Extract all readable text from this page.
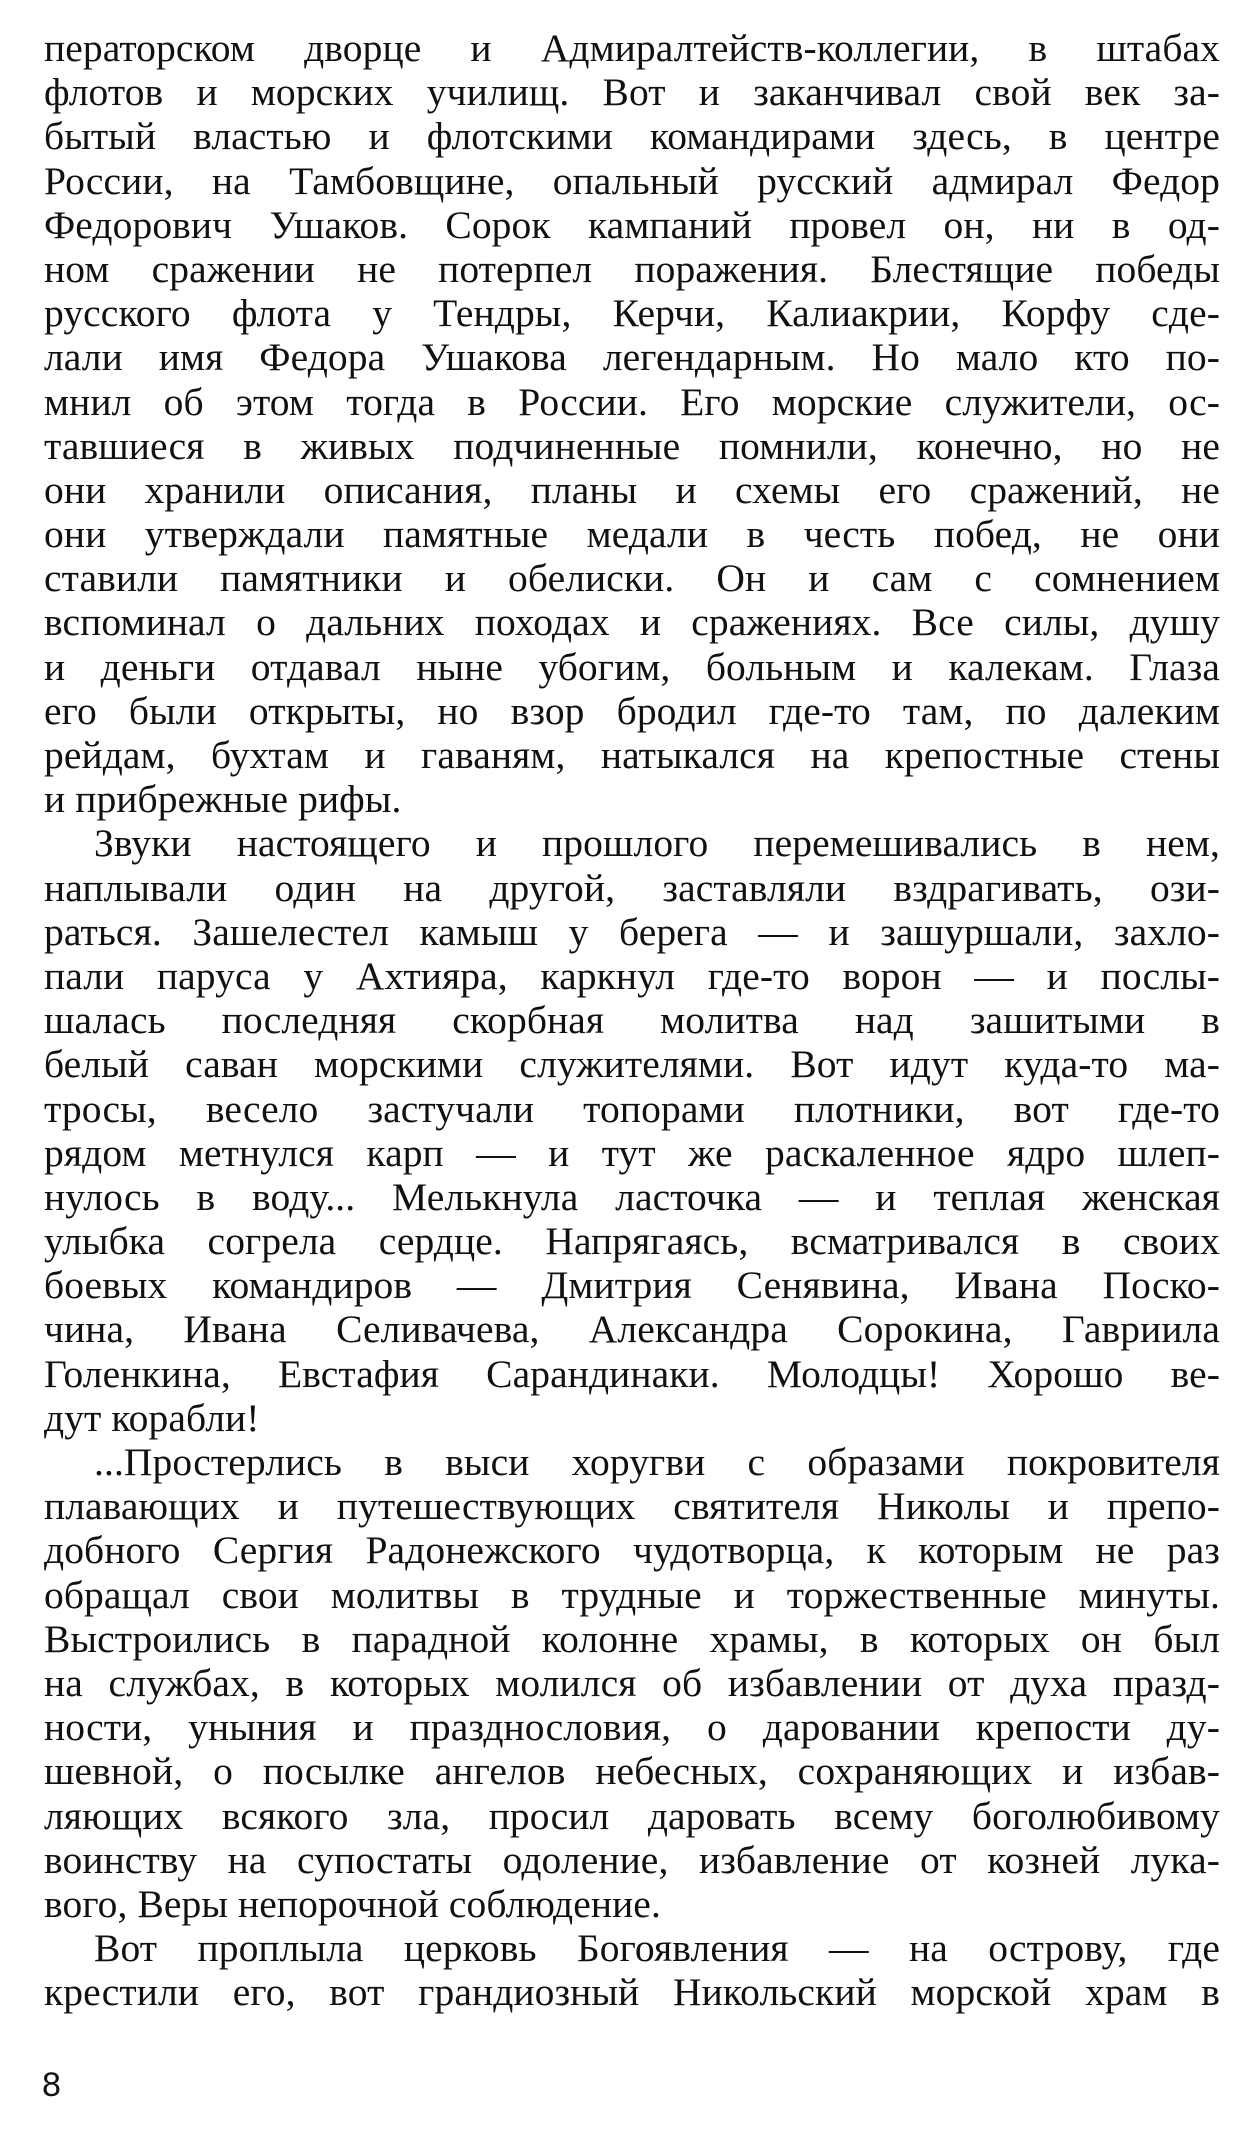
ператорском дворце и Адмиралтейств-коллегии, в штабах
флотов и морских училищ. Вот и заканчивал свой век за-
бытый властью и флотскими командирами здесь, в центре
России, на Тамбовщине, опальный русский адмирал Федор
Федорович Ушаков. Сорок кампаний провел он, ни в од-
ном сражении не потерпел поражения. Блестящие победы
русского флота у Тендры, Керчи, Калиакрии, Корфу сде-
лали имя Федора Ушакова легендарным. Но мало кто по-
мнил об этом тогда в России. Его морские служители, ос-
тавшиеся в живых подчиненные помнили, конечно, но не
они хранили описания, планы и схемы его сражений, не
они утверждали памятные медали в честь побед, не они
ставили памятники и обелиски. Он и сам с сомнением
вспоминал о дальних походах и сражениях. Все силы, душу
и деньги отдавал ныне убогим, больным и калекам. Глаза
его были открыты, но взор бродил где-то там, по далеким
рейдам, бухтам и гаваням, натыкался на крепостные стены
и прибрежные рифы.
Звуки настоящего и прошлого перемешивались в нем,
наплывали один на другой, заставляли вздрагивать, ози-
раться. Зашелестел камыш у берега — и зашуршали, захло-
пали паруса у Ахтияра, каркнул где-то ворон — и послы-
шалась последняя скорбная молитва над зашитыми в
белый саван морскими служителями. Вот идут куда-то ма-
тросы, весело застучали топорами плотники, вот где-то
рядом метнулся карп — и тут же раскаленное ядро шлеп-
нулось в воду... Мелькнула ласточка — и теплая женская
улыбка согрела сердце. Напрягаясь, всматривался в своих
боевых командиров — Дмитрия Сенявина, Ивана Поско-
чина, Ивана Селивачева, Александра Сорокина, Гавриила
Голенкина, Евстафия Сарандинаки. Молодцы! Хорошо ве-
дут корабли!
...Простерлись в выси хоругви с образами покровителя
плавающих и путешествующих святителя Николы и препо-
добного Сергия Радонежского чудотворца, к которым не раз
обращал свои молитвы в трудные и торжественные минуты.
Выстроились в парадной колонне храмы, в которых он был
на службах, в которых молился об избавлении от духа празд-
ности, уныния и празднословия, о даровании крепости ду-
шевной, о посылке ангелов небесных, сохраняющих и избав-
ляющих всякого зла, просил даровать всему боголюбивому
воинству на супостаты одоление, избавление от козней лука-
вого, Веры непорочной соблюдение.
Вот проплыла церковь Богоявления — на острову, где
крестили его, вот грандиозный Никольский морской храм в
8
